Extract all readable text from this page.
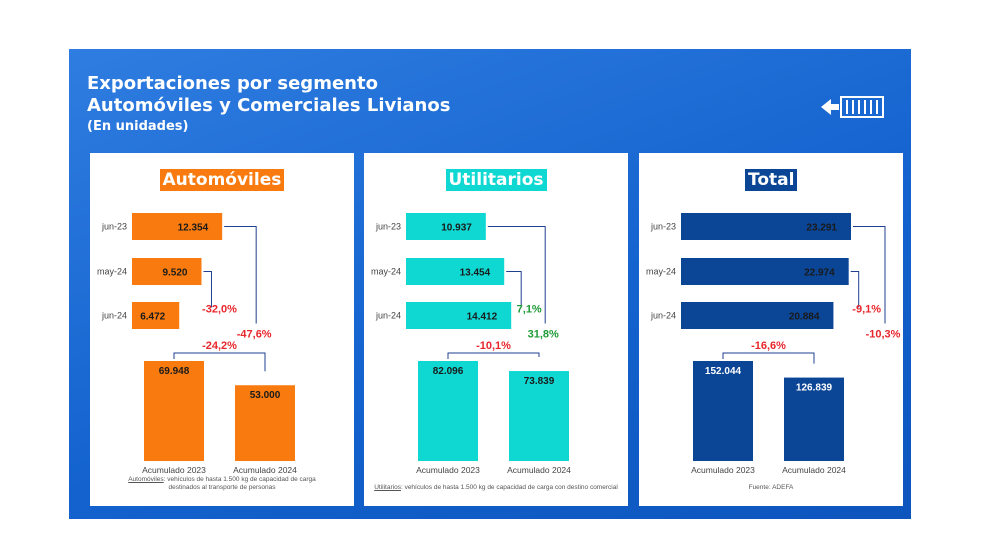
Exportaciones por segmento
Automóviles y Comerciales Livianos
(En unidades)
jun-23	12.354
may-24	9.520
jun-24 6.472
-32,0%
-47,6%
69.948
Acumulado 2023
53.000
Acumulado 2024
-24,2%
Automóviles
Automóviles: vehículos de hasta 1.500 kg de capacidad de carga
destinados al transporte de personas
jun-23	10.937
may-24	13.454
jun-24	14.412
7,1%
31,8%
82.096
Acumulado 2023
73.839
Acumulado 2024
-10,1%
Utilitarios
Utilitarios: vehículos de hasta 1.500 kg de capacidad de carga con destino comercial
jun-23	23.291
may-24	22.974
jun-24	20.884
-9,1%
-10,3%
152.044
Acumulado 2023
126.839
Acumulado 2024
-16,6%
Total
Fuente: ADEFA
